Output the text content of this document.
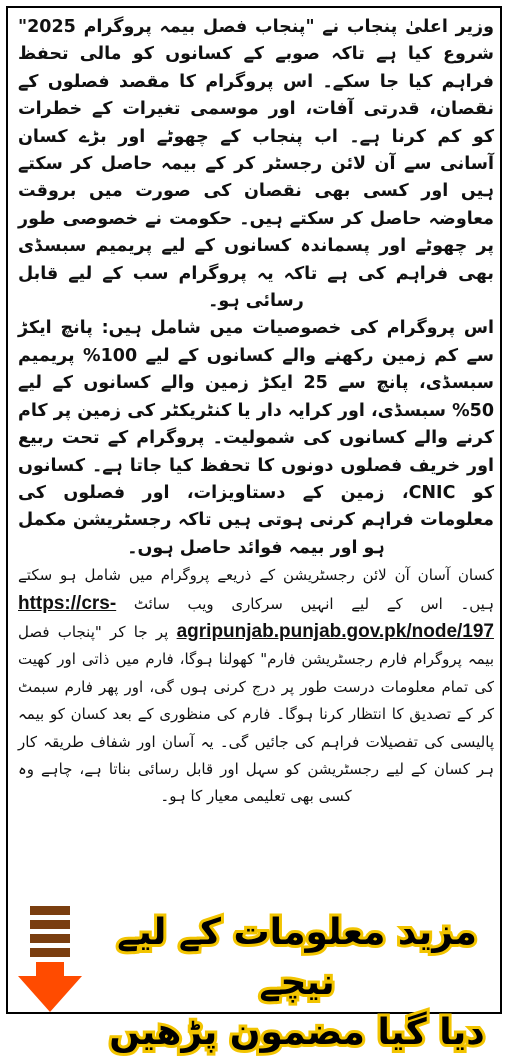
وزیر اعلیٰ پنجاب نے "پنجاب فصل بیمہ پروگرام 2025" شروع کیا ہے تاکہ صوبے کے کسانوں کو مالی تحفظ فراہم کیا جا سکے۔ اس پروگرام کا مقصد فصلوں کے نقصان، قدرتی آفات، اور موسمی تغیرات کے خطرات کو کم کرنا ہے۔ اب پنجاب کے چھوٹے اور بڑے کسان آسانی سے آن لائن رجسٹر کر کے بیمہ حاصل کر سکتے ہیں اور کسی بھی نقصان کی صورت میں بروقت معاوضہ حاصل کر سکتے ہیں۔ حکومت نے خصوصی طور پر چھوٹے اور پسماندہ کسانوں کے لیے پریمیم سبسڈی بھی فراہم کی ہے تاکہ یہ پروگرام سب کے لیے قابل رسائی ہو۔

اس پروگرام کی خصوصیات میں شامل ہیں: پانچ ایکڑ سے کم زمین رکھنے والے کسانوں کے لیے 100% پریمیم سبسڈی، پانچ سے 25 ایکڑ زمین والے کسانوں کے لیے 50% سبسڈی، اور کرایہ دار یا کنٹریکٹر کی زمین پر کام کرنے والے کسانوں کی شمولیت۔ پروگرام کے تحت ربیع اور خریف فصلوں دونوں کا تحفظ کیا جاتا ہے۔ کسانوں کو CNIC، زمین کے دستاویزات، اور فصلوں کی معلومات فراہم کرنی ہوتی ہیں تاکہ رجسٹریشن مکمل ہو اور بیمہ فوائد حاصل ہوں۔

کسان آسان آن لائن رجسٹریشن کے ذریعے پروگرام میں شامل ہو سکتے ہیں۔ اس کے لیے انہیں سرکاری ویب سائٹ https://crs- agripunjab.punjab.gov.pk/node/197 پر جا کر "پنجاب فصل بیمہ پروگرام فارم رجسٹریشن فارم" کھولنا ہوگا، فارم میں ذاتی اور کھیت کی تمام معلومات درست طور پر درج کرنی ہوں گی، اور پھر فارم سبمٹ کر کے تصدیق کا انتظار کرنا ہوگا۔ فارم کی منظوری کے بعد کسان کو بیمہ پالیسی کی تفصیلات فراہم کی جائیں گی۔ یہ آسان اور شفاف طریقہ کار ہر کسان کے لیے رجسٹریشن کو سہل اور قابل رسائی بناتا ہے، چاہے وہ کسی بھی تعلیمی معیار کا ہو۔

مزید معلومات کے لیے نیچے
دیا گیا مضمون پڑھیں
